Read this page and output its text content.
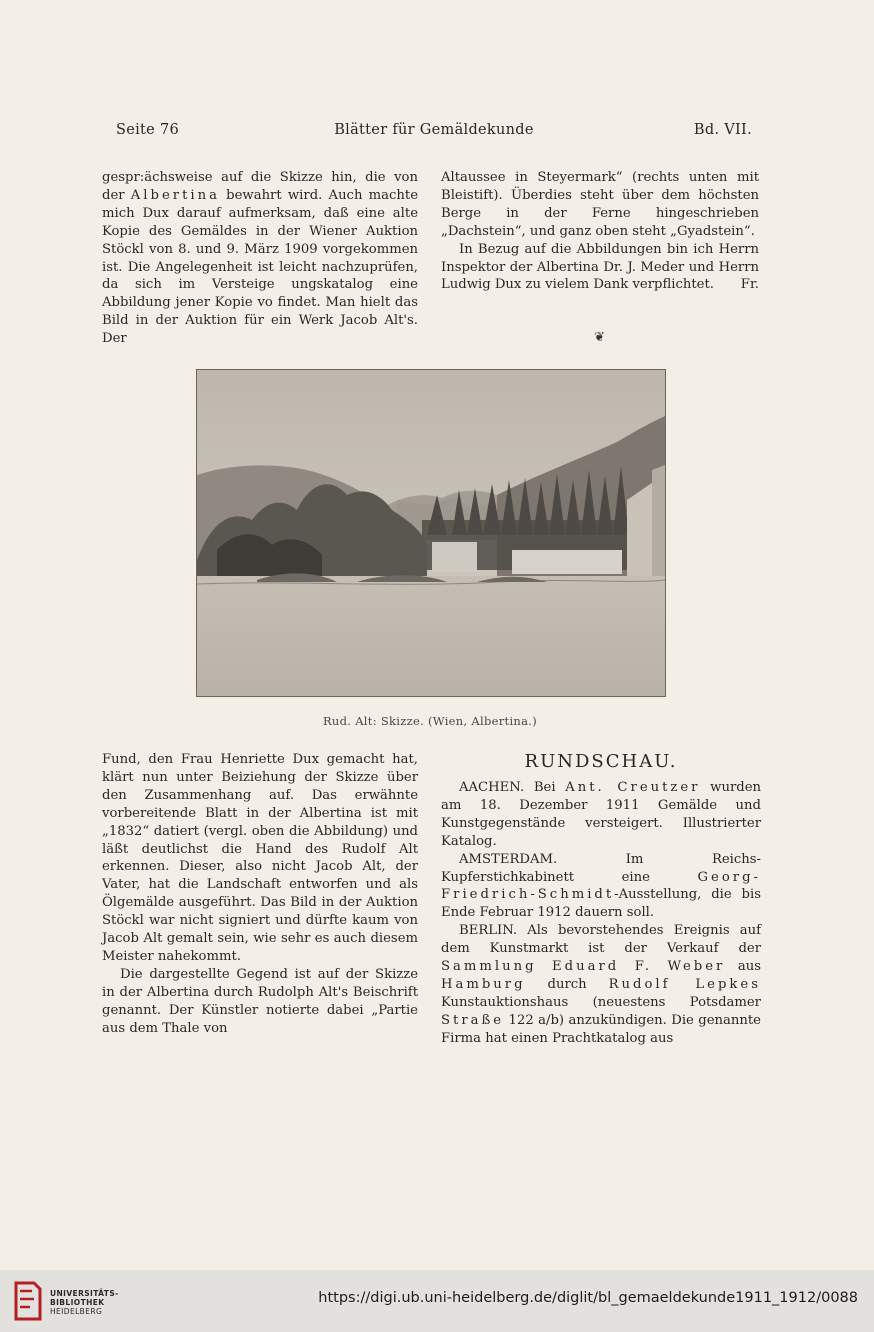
Seite 76	Blätter für Gemäldekunde	Bd. VII.

gespr:ächsweise auf die Skizze hin, die von der Albertina bewahrt wird. Auch machte mich Dux darauf aufmerksam, daß eine alte Kopie des Gemäldes in der Wiener Auktion Stöckl von 8. und 9. März 1909 vorgekommen ist. Die Angelegenheit ist leicht nachzuprüfen, da sich im Versteige ungskatalog eine Abbildung jener Kopie vo findet. Man hielt das Bild in der Auktion für ein Werk Jacob Alt's. Der

Altaussee in Steyermark“ (rechts unten mit Bleistift). Überdies steht über dem höchsten Berge in der Ferne hingeschrieben „Dachstein“, und ganz oben steht „Gyadstein“.

In Bezug auf die Abbildungen bin ich Herrn Inspektor der Albertina Dr. J. Meder und Herrn Ludwig Dux zu vielem Dank verpflichtet.	Fr.

❦
Rud. Alt: Skizze. (Wien, Albertina.)

Fund, den Frau Henriette Dux gemacht hat, klärt nun unter Beiziehung der Skizze über den Zusammenhang auf. Das erwähnte vorbereitende Blatt in der Albertina ist mit „1832“ datiert (vergl. oben die Abbildung) und läßt deutlichst die Hand des Rudolf Alt erkennen. Dieser, also nicht Jacob Alt, der Vater, hat die Landschaft entworfen und als Ölgemälde ausgeführt. Das Bild in der Auktion Stöckl war nicht signiert und dürfte kaum von Jacob Alt gemalt sein, wie sehr es auch diesem Meister nahekommt.

Die dargestellte Gegend ist auf der Skizze in der Albertina durch Rudolph Alt's Beischrift genannt. Der Künstler notierte dabei „Partie aus dem Thale von

RUNDSCHAU.

AACHEN. Bei Ant. Creutzer wurden am 18. Dezember 1911 Gemälde und Kunstgegenstände versteigert. Illustrierter Katalog.

AMSTERDAM. Im Reichs-Kupferstichkabinett eine Georg-Friedrich-Schmidt-Ausstellung, die bis Ende Februar 1912 dauern soll.

BERLIN. Als bevorstehendes Ereignis auf dem Kunstmarkt ist der Verkauf der Sammlung Eduard F. Weber aus Hamburg durch Rudolf Lepkes Kunstauktionshaus (neuestens Potsdamer Straße 122 a/b) anzukündigen. Die genannte Firma hat einen Prachtkatalog aus

UNIVERSITÄTS-
BIBLIOTHEK
HEIDELBERG
https://digi.ub.uni-heidelberg.de/diglit/bl_gemaeldekunde1911_1912/0088
